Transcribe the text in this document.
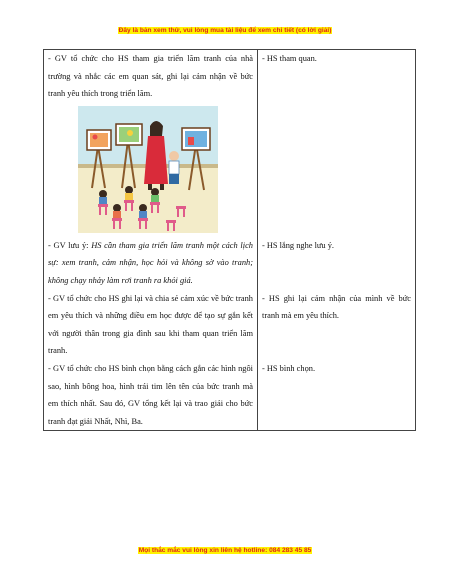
Đây là bản xem thử, vui lòng mua tài liệu để xem chi tiết (có lời giải)
- GV tổ chức cho HS tham gia triển lãm tranh của nhà trường và nhắc các em quan sát, ghi lại cảm nhận về bức tranh yêu thích trong triển lãm.	- HS tham quan.

- GV lưu ý: HS cần tham gia triển lãm tranh một cách lịch sự: xem tranh, cảm nhận, học hỏi và không sờ vào tranh; không chạy nhảy làm rơi tranh ra khỏi giá.	- HS lắng nghe lưu ý.

- GV tổ chức cho HS ghi lại và chia sẻ cảm xúc về bức tranh em yêu thích và những điều em học được để tạo sự gắn kết với người thân trong gia đình sau khi tham quan triển lãm tranh.	- HS ghi lại cảm nhận của mình về bức tranh mà em yêu thích.

- GV tổ chức cho HS bình chọn bằng cách gắn các hình ngôi sao, hình bông hoa, hình trái tim lên tên của bức tranh mà em thích nhất. Sau đó, GV tổng kết lại và trao giải cho bức tranh đạt giải Nhất, Nhì, Ba.	- HS bình chọn.
Mọi thắc mắc vui lòng xin liên hệ hotline: 084 283 45 85
